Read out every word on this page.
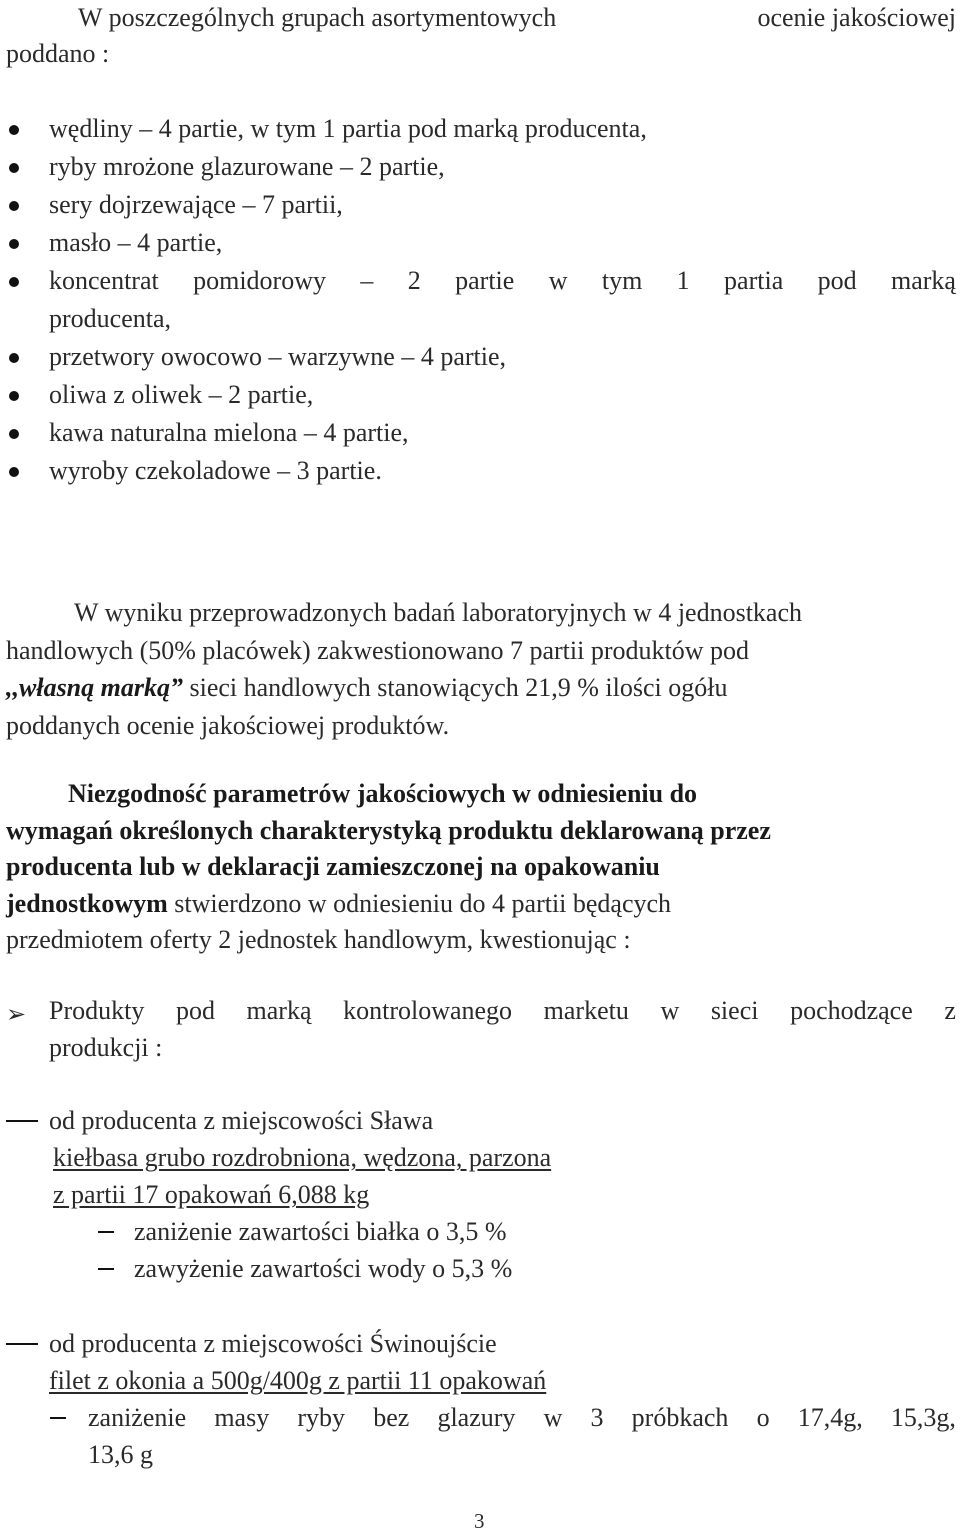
W poszczególnych grupach asortymentowych	ocenie jakościowej
poddano :
wędliny – 4 partie, w tym 1 partia pod marką producenta,
ryby mrożone glazurowane – 2 partie,
sery dojrzewające – 7 partii,
masło – 4 partie,
koncentrat pomidorowy – 2 partie w tym 1 partia pod marką
producenta,
przetwory owocowo – warzywne – 4 partie,
oliwa z oliwek – 2 partie,
kawa naturalna mielona – 4 partie,
wyroby czekoladowe – 3 partie.
W wyniku przeprowadzonych badań laboratoryjnych w 4 jednostkach
handlowych (50% placówek) zakwestionowano 7 partii produktów pod
,,własną marką” sieci handlowych stanowiących 21,9 % ilości ogółu
poddanych ocenie jakościowej produktów.
Niezgodność parametrów jakościowych w odniesieniu do
wymagań określonych charakterystyką produktu deklarowaną przez
producenta lub w deklaracji zamieszczonej na opakowaniu
jednostkowym stwierdzono w odniesieniu do 4 partii będących
przedmiotem oferty 2 jednostek handlowym, kwestionując :
➢ Produkty pod marką kontrolowanego marketu w sieci pochodzące z
produkcji :
od producenta z miejscowości Sława
kiełbasa grubo rozdrobniona, wędzona, parzona
z partii 17 opakowań 6,088 kg
zaniżenie zawartości białka o 3,5 %
zawyżenie zawartości wody o 5,3 %
od producenta z miejscowości Świnoujście
filet z okonia a 500g/400g z partii 11 opakowań
zaniżenie masy ryby bez glazury w 3 próbkach o 17,4g, 15,3g,
13,6 g
3
